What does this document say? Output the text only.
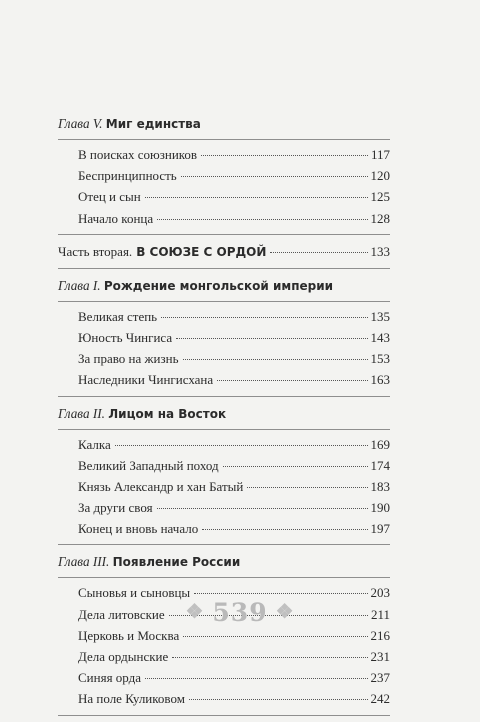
Глава V. Миг единства
В поисках союзников	117
Беспринципность	120
Отец и сын	125
Начало конца	128
Часть вторая. В СОЮЗЕ С ОРДОЙ	133
Глава I. Рождение монгольской империи
Великая степь	135
Юность Чингиса	143
За право на жизнь	153
Наследники Чингисхана	163
Глава II. Лицом на Восток
Калка	169
Великий Западный поход	174
Князь Александр и хан Батый	183
За други своя	190
Конец и вновь начало	197
Глава III. Появление России
Сыновья и сыновцы	203
Дела литовские	211
Церковь и Москва	216
Дела ордынские	231
Синяя орда	237
На поле Куликовом	242
❖ 539 ❖
